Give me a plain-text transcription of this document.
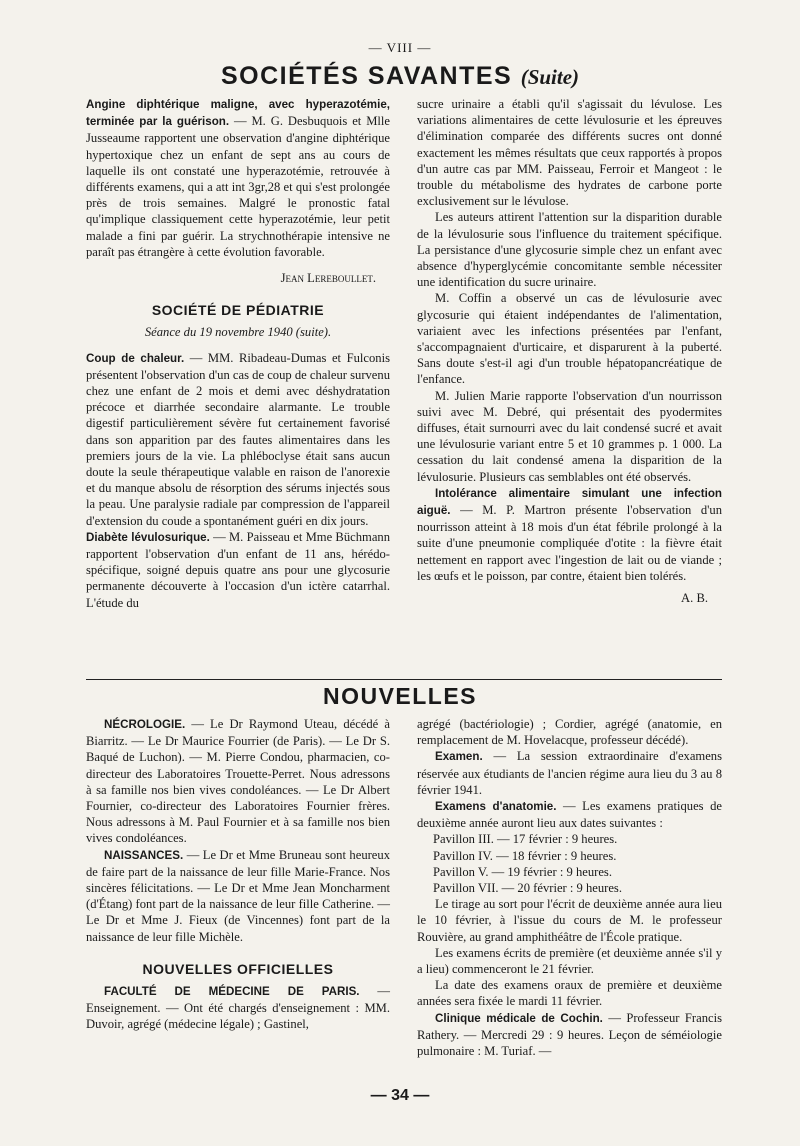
— VIII —
SOCIÉTÉS SAVANTES (Suite)

Angine diphtérique maligne, avec hyperazotémie, terminée par la guérison. — M. G. Desbuquois et Mlle Jusseaume rapportent une observation d'angine diphtérique hypertoxique chez un enfant de sept ans au cours de laquelle ils ont constaté une hyperazotémie, retrouvée à différents examens, qui a att int 3gr,28 et qui s'est prolongée près de trois semaines. Malgré le pronostic fatal qu'implique classiquement cette hyperazotémie, leur petit malade a fini par guérir. La strychnothérapie intensive ne paraît pas étrangère à cette évolution favorable.

Jean Lereboullet.
SOCIÉTÉ DE PÉDIATRIE
Séance du 19 novembre 1940 (suite).

Coup de chaleur. — MM. Ribadeau-Dumas et Fulconis présentent l'observation d'un cas de coup de chaleur survenu chez une enfant de 2 mois et demi avec déshydratation précoce et diarrhée secondaire alarmante. Le trouble digestif particulièrement sévère fut certainement favorisé dans son apparition par des fautes alimentaires dans les premiers jours de la vie. La phléboclyse était sans aucun doute la seule thérapeutique valable en raison de l'anorexie et du manque absolu de résorption des sérums injectés sous la peau. Une paralysie radiale par compression de l'appareil d'extension du coude a spontanément guéri en dix jours.

Diabète lévulosurique. — M. Paisseau et Mme Büchmann rapportent l'observation d'un enfant de 11 ans, hérédo-spécifique, soigné depuis quatre ans pour une glycosurie permanente découverte à l'occasion d'un ictère catarrhal. L'étude du

sucre urinaire a établi qu'il s'agissait du lévulose. Les variations alimentaires de cette lévulosurie et les épreuves d'élimination comparée des différents sucres ont donné exactement les mêmes résultats que ceux rapportés à propos d'un autre cas par MM. Paisseau, Ferroir et Mangeot : le trouble du métabolisme des hydrates de carbone porte exclusivement sur le lévulose.

Les auteurs attirent l'attention sur la disparition durable de la lévulosurie sous l'influence du traitement spécifique. La persistance d'une glycosurie simple chez un enfant avec absence d'hyperglycémie concomitante semble nécessiter une identification du sucre urinaire.

M. Coffin a observé un cas de lévulosurie avec glycosurie qui étaient indépendantes de l'alimentation, variaient avec les infections présentées par l'enfant, s'accompagnaient d'urticaire, et disparurent à la puberté. Sans doute s'est-il agi d'un trouble hépatopancréatique de l'enfance.

M. Julien Marie rapporte l'observation d'un nourrisson suivi avec M. Debré, qui présentait des pyodermites diffuses, était surnourri avec du lait condensé sucré et avait une lévulosurie variant entre 5 et 10 grammes p. 1 000. La cessation du lait condensé amena la disparition de la lévulosurie. Plusieurs cas semblables ont été observés.

Intolérance alimentaire simulant une infection aiguë. — M. P. Martron présente l'observation d'un nourrisson atteint à 18 mois d'un état fébrile prolongé à la suite d'une pneumonie compliquée d'otite : la fièvre était nettement en rapport avec l'ingestion de lait ou de viande ; les œufs et le poisson, par contre, étaient bien tolérés.

A. B.
NOUVELLES

NÉCROLOGIE. — Le Dr Raymond Uteau, décédé à Biarritz. — Le Dr Maurice Fourrier (de Paris). — Le Dr S. Baqué de Luchon). — M. Pierre Condou, pharmacien, co-directeur des Laboratoires Trouette-Perret. Nous adressons à sa famille nos bien vives condoléances. — Le Dr Albert Fournier, co-directeur des Laboratoires Fournier frères. Nous adressons à M. Paul Fournier et à sa famille nos bien vives condoléances.

NAISSANCES. — Le Dr et Mme Bruneau sont heureux de faire part de la naissance de leur fille Marie-France. Nos sincères félicitations. — Le Dr et Mme Jean Moncharment (d'Étang) font part de la naissance de leur fille Catherine. — Le Dr et Mme J. Fieux (de Vincennes) font part de la naissance de leur fille Michèle.

NOUVELLES OFFICIELLES

FACULTÉ DE MÉDECINE DE PARIS. — Enseignement. — Ont été chargés d'enseignement : MM. Duvoir, agrégé (médecine légale) ; Gastinel,

agrégé (bactériologie) ; Cordier, agrégé (anatomie, en remplacement de M. Hovelacque, professeur décédé).

Examen. — La session extraordinaire d'examens réservée aux étudiants de l'ancien régime aura lieu du 3 au 8 février 1941.

Examens d'anatomie. — Les examens pratiques de deuxième année auront lieu aux dates suivantes :

Pavillon III. — 17 février : 9 heures.

Pavillon IV. — 18 février : 9 heures.

Pavillon V. — 19 février : 9 heures.

Pavillon VII. — 20 février : 9 heures.

Le tirage au sort pour l'écrit de deuxième année aura lieu le 10 février, à l'issue du cours de M. le professeur Rouvière, au grand amphithéâtre de l'École pratique.

Les examens écrits de première (et deuxième année s'il y a lieu) commenceront le 21 février.

La date des examens oraux de première et deuxième années sera fixée le mardi 11 février.

Clinique médicale de Cochin. — Professeur Francis Rathery. — Mercredi 29 : 9 heures. Leçon de séméiologie pulmonaire : M. Turiaf. —

— 34 —
